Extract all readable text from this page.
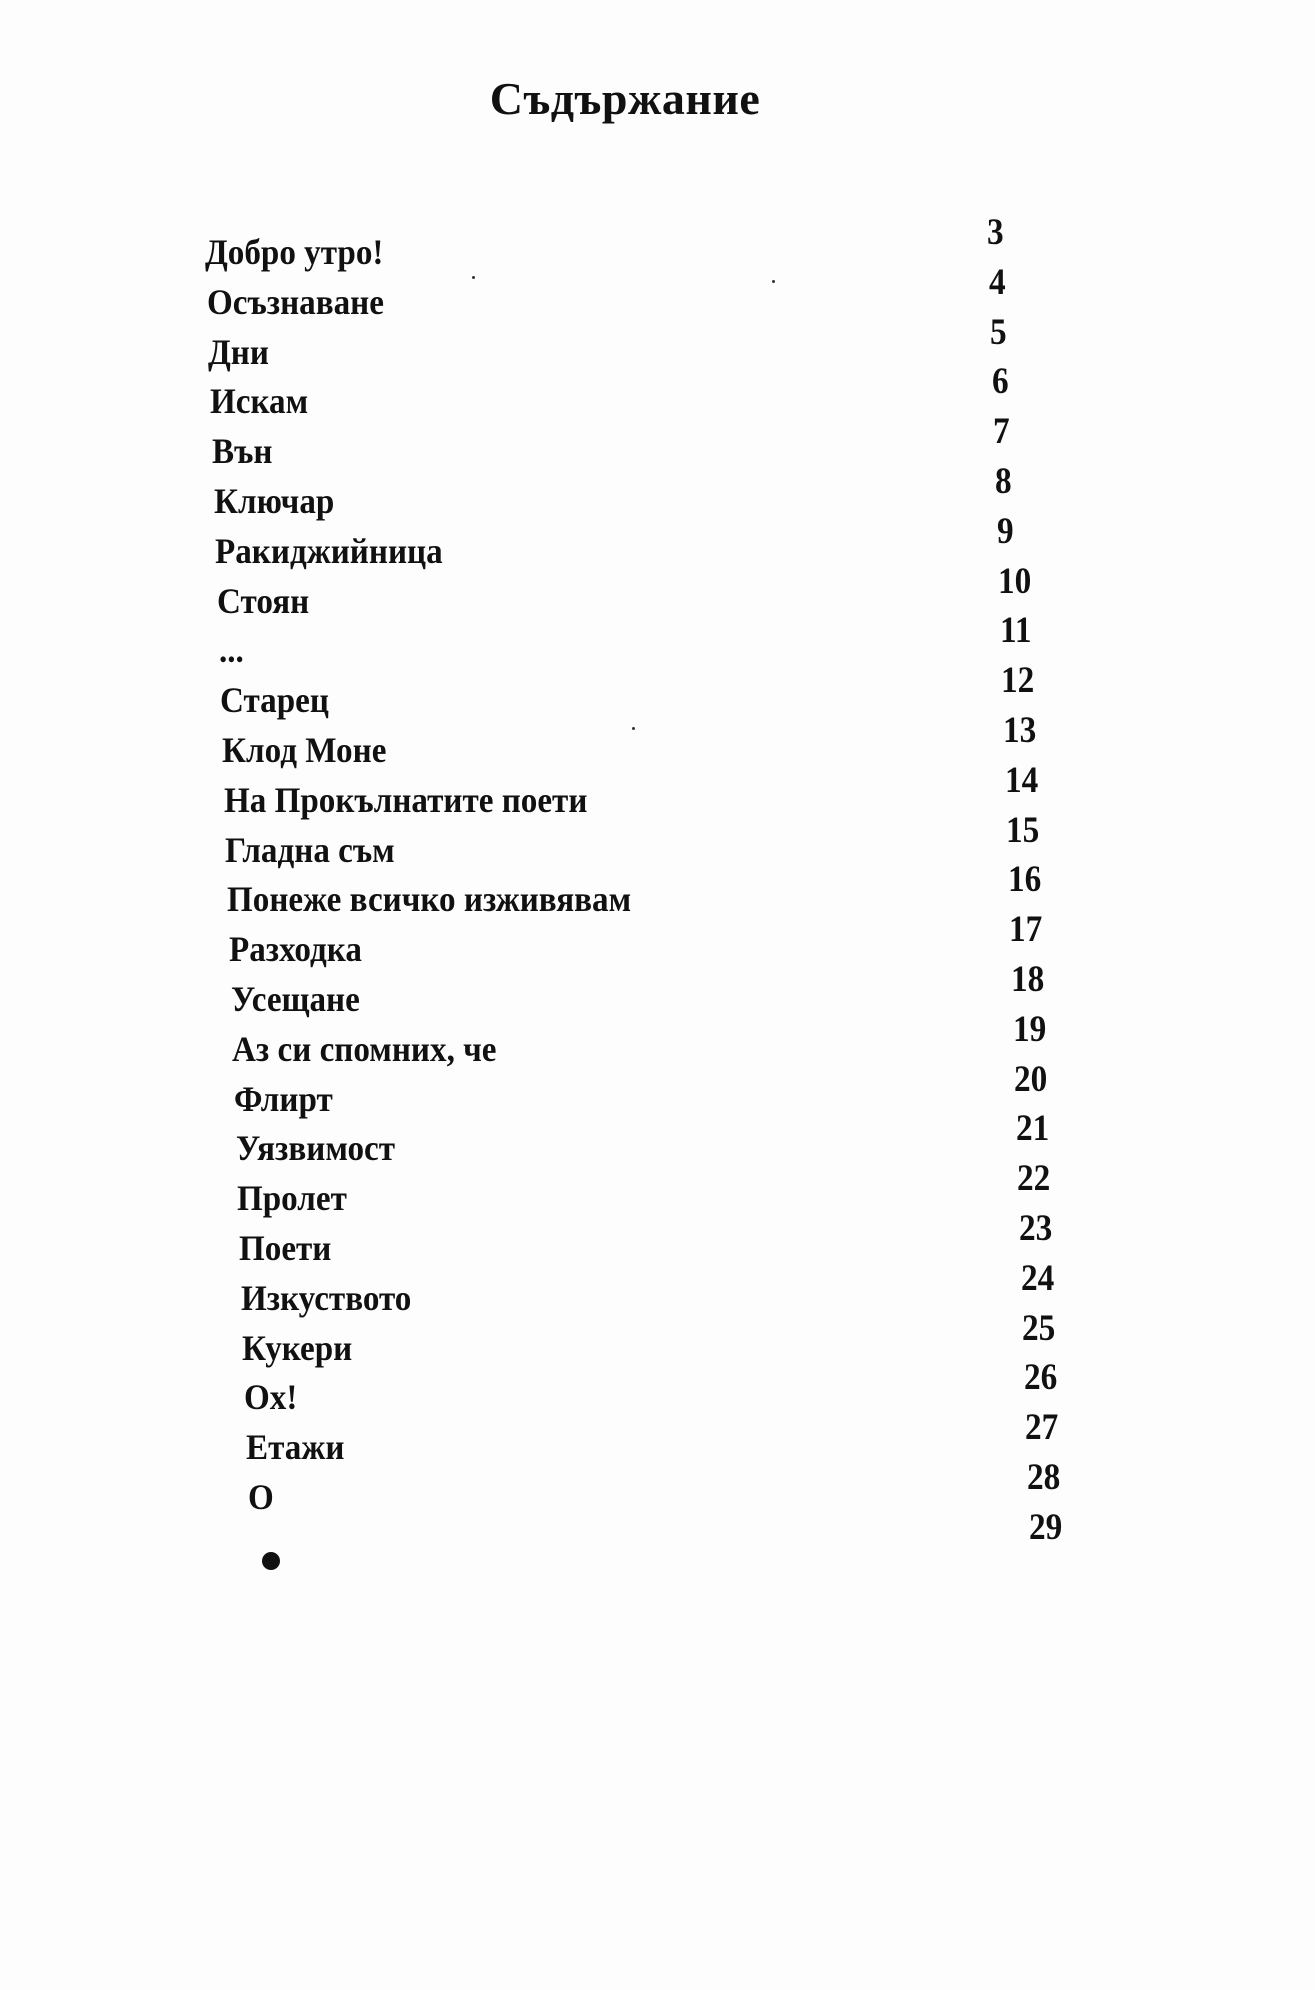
Съдържание
Добро утро!	3
Осъзнаване	4
Дни	5
Искам	6
Вън	7
Ключар	8
Ракиджийница	9
Стоян	10
...	11
Старец	12
Клод Моне	13
На Прокълнатите поети	14
Гладна съм	15
Понеже всичко изживявам	16
Разходка	17
Усещане	18
Аз си спомних, че	19
Флирт	20
Уязвимост	21
Пролет	22
Поети	23
Изкуството	24
Кукери	25
Ох!	26
Етажи	27
О	28
29
